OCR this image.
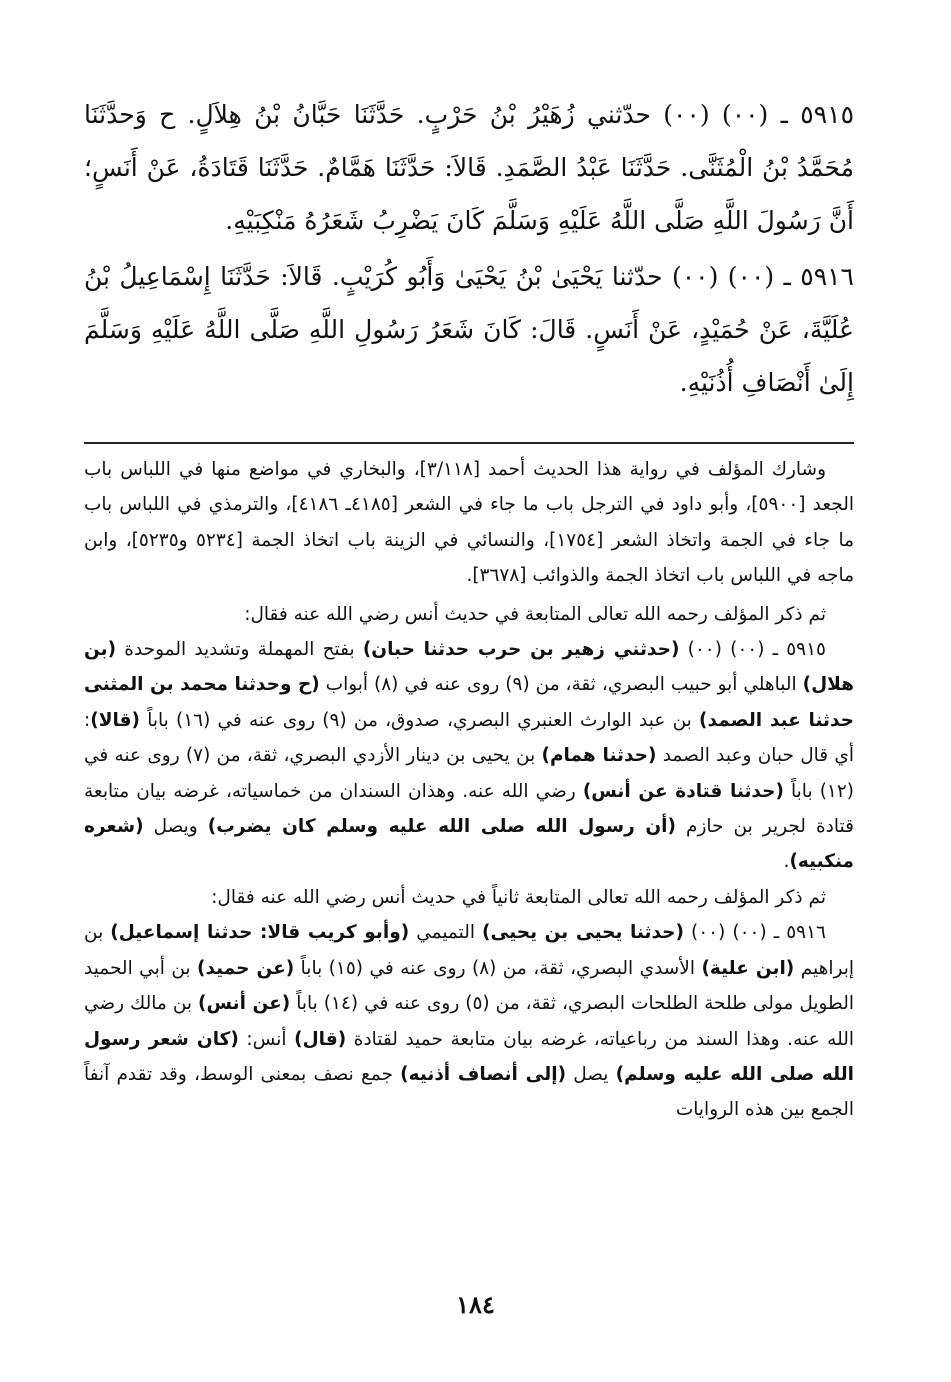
٥٩١٥ ـ (٠٠) (٠٠) حدّثني زُهَيْرُ بْنُ حَرْبٍ. حَدَّثَنَا حَبَّانُ بْنُ هِلاَلٍ. ح وَحدَّثَنَا مُحَمَّدُ بْنُ الْمُثَنَّى. حَدَّثَنَا عَبْدُ الصَّمَدِ. قَالاَ: حَدَّثَنَا هَمَّامٌ. حَدَّثَنَا قَتَادَةُ، عَنْ أَنَسٍ؛ أَنَّ رَسُولَ اللَّهِ صَلَّى اللَّهُ عَلَيْهِ وَسَلَّمَ كَانَ يَضْرِبُ شَعَرُهُ مَنْكِبَيْهِ.

٥٩١٦ ـ (٠٠) (٠٠) حدّثنا يَحْيَىٰ بْنُ يَحْيَىٰ وَأَبُو كُرَيْبٍ. قَالاَ: حَدَّثَنَا إِسْمَاعِيلُ بْنُ عُلَيَّةَ، عَنْ حُمَيْدٍ، عَنْ أَنَسٍ. قَالَ: كَانَ شَعَرُ رَسُولِ اللَّهِ صَلَّى اللَّهُ عَلَيْهِ وَسَلَّمَ إِلَىٰ أَنْصَافِ أُذُنَيْهِ.

وشارك المؤلف في رواية هذا الحديث أحمد [٣/١١٨]، والبخاري في مواضع منها في اللباس باب الجعد [٥٩٠٠]، وأبو داود في الترجل باب ما جاء في الشعر [٤١٨٥ـ ٤١٨٦]، والترمذي في اللباس باب ما جاء في الجمة واتخاذ الشعر [١٧٥٤]، والنسائي في الزينة باب اتخاذ الجمة [٥٢٣٤ و٥٢٣٥]، وابن ماجه في اللباس باب اتخاذ الجمة والذوائب [٣٦٧٨].

ثم ذكر المؤلف رحمه الله تعالى المتابعة في حديث أنس رضي الله عنه فقال:

٥٩١٥ ـ (٠٠) (٠٠) (حدثني زهير بن حرب حدثنا حبان) بفتح المهملة وتشديد الموحدة (بن هلال) الباهلي أبو حبيب البصري، ثقة، من (٩) روى عنه في (٨) أبواب (ح وحدثنا محمد بن المثنى حدثنا عبد الصمد) بن عبد الوارث العنبري البصري، صدوق، من (٩) روى عنه في (١٦) باباً (قالا): أي قال حبان وعبد الصمد (حدثنا همام) بن يحيى بن دينار الأزدي البصري، ثقة، من (٧) روى عنه في (١٢) باباً (حدثنا قتادة عن أنس) رضي الله عنه. وهذان السندان من خماسياته، غرضه بيان متابعة قتادة لجرير بن حازم (أن رسول الله صلى الله عليه وسلم كان يضرب) ويصل (شعره منكبيه).

ثم ذكر المؤلف رحمه الله تعالى المتابعة ثانياً في حديث أنس رضي الله عنه فقال:

٥٩١٦ ـ (٠٠) (٠٠) (حدثنا يحيى بن يحيى) التميمي (وأبو كريب قالا: حدثنا إسماعيل) بن إبراهيم (ابن علية) الأسدي البصري، ثقة، من (٨) روى عنه في (١٥) باباً (عن حميد) بن أبي الحميد الطويل مولى طلحة الطلحات البصري، ثقة، من (٥) روى عنه في (١٤) باباً (عن أنس) بن مالك رضي الله عنه. وهذا السند من رباعياته، غرضه بيان متابعة حميد لقتادة (قال) أنس: (كان شعر رسول الله صلى الله عليه وسلم) يصل (إلى أنصاف أذنيه) جمع نصف بمعنى الوسط، وقد تقدم آنفاً الجمع بين هذه الروايات

١٨٤
